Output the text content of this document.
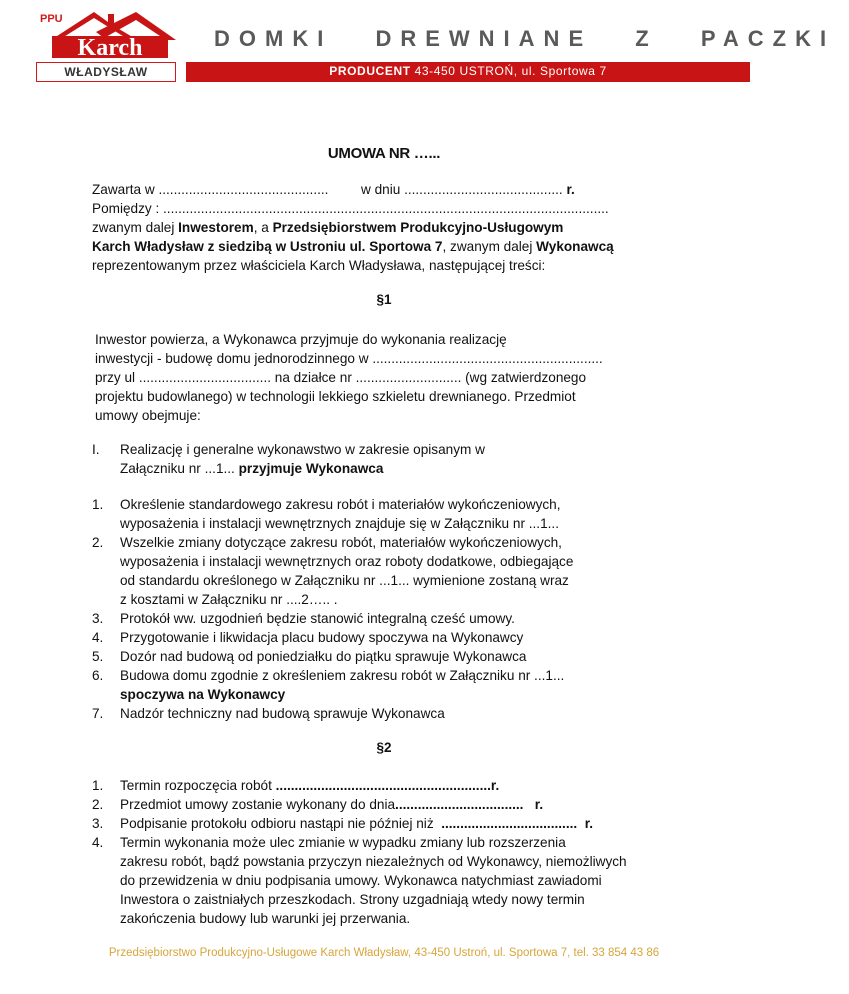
Karch
PPU
DOMKI DREWNIANE Z PACZKI
WŁADYSŁAW	PRODUCENT 43-450 USTROŃ, ul. Sportowa 7
UMOWA NR …...
Zawarta w ............................................. w dniu .......................................... r.
Pomiędzy : ......................................................................................................................
zwanym dalej Inwestorem, a Przedsiębiorstwem Produkcyjno-Usługowym
Karch Władysław z siedzibą w Ustroniu ul. Sportowa 7, zwanym dalej Wykonawcą
reprezentowanym przez właściciela Karch Władysława, następującej treści:
§1
Inwestor powierza, a Wykonawca przyjmuje do wykonania realizację
inwestycji - budowę domu jednorodzinnego w .............................................................
przy ul ................................... na działce nr ............................ (wg zatwierdzonego
projektu budowlanego) w technologii lekkiego szkieletu drewnianego. Przedmiot
umowy obejmuje:
I. Realizację i generalne wykonawstwo w zakresie opisanym w
Załączniku nr ...1... przyjmuje Wykonawca
1. Określenie standardowego zakresu robót i materiałów wykończeniowych,
wyposażenia i instalacji wewnętrznych znajduje się w Załączniku nr ...1...
2. Wszelkie zmiany dotyczące zakresu robót, materiałów wykończeniowych,
wyposażenia i instalacji wewnętrznych oraz roboty dodatkowe, odbiegające
od standardu określonego w Załączniku nr ...1... wymienione zostaną wraz
z kosztami w Załączniku nr ....2….. .
3. Protokół ww. uzgodnień będzie stanowić integralną cześć umowy.
4. Przygotowanie i likwidacja placu budowy spoczywa na Wykonawcy
5. Dozór nad budową od poniedziałku do piątku sprawuje Wykonawca
6. Budowa domu zgodnie z określeniem zakresu robót w Załączniku nr ...1...
spoczywa na Wykonawcy
7. Nadzór techniczny nad budową sprawuje Wykonawca
§2
1. Termin rozpoczęcia robót .........................................................r.
2. Przedmiot umowy zostanie wykonany do dnia..................................   r.
3. Podpisanie protokołu odbioru nastąpi nie później niż  ....................................  r.
4. Termin wykonania może ulec zmianie w wypadku zmiany lub rozszerzenia
zakresu robót, bądź powstania przyczyn niezależnych od Wykonawcy, niemożliwych
do przewidzenia w dniu podpisania umowy. Wykonawca natychmiast zawiadomi
Inwestora o zaistniałych przeszkodach. Strony uzgadniają wtedy nowy termin
zakończenia budowy lub warunki jej przerwania.
Przedsiębiorstwo Produkcyjno-Usługowe Karch Władysław, 43-450 Ustroń, ul. Sportowa 7, tel. 33 854 43 86
